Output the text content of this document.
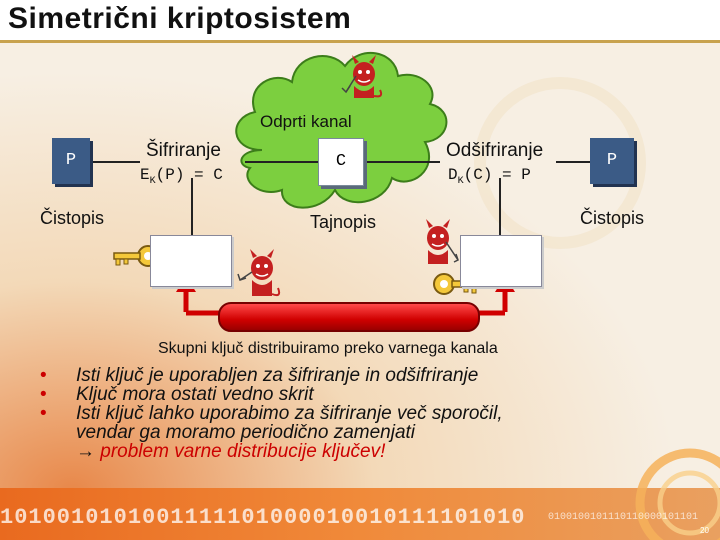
Simetrični kriptosistem
P
Čistopis
Šifriranje
$E_K(P) = C$
Odprti kanal
C
Tajnopis
Odšifriranje
$D_K(C) = P$
P
Čistopis
Skupni ključ distribuiramo preko varnega kanala
• Isti ključ je uporabljen za šifriranje in odšifriranje
• Ključ mora ostati vedno skrit
• Isti ključ lahko uporabimo za šifriranje več sporočil,
vendar ga moramo periodično zamenjati
→ problem varne distribucije ključev!
1010010101001111101000010010111101010 0100100101110110000101101
20
